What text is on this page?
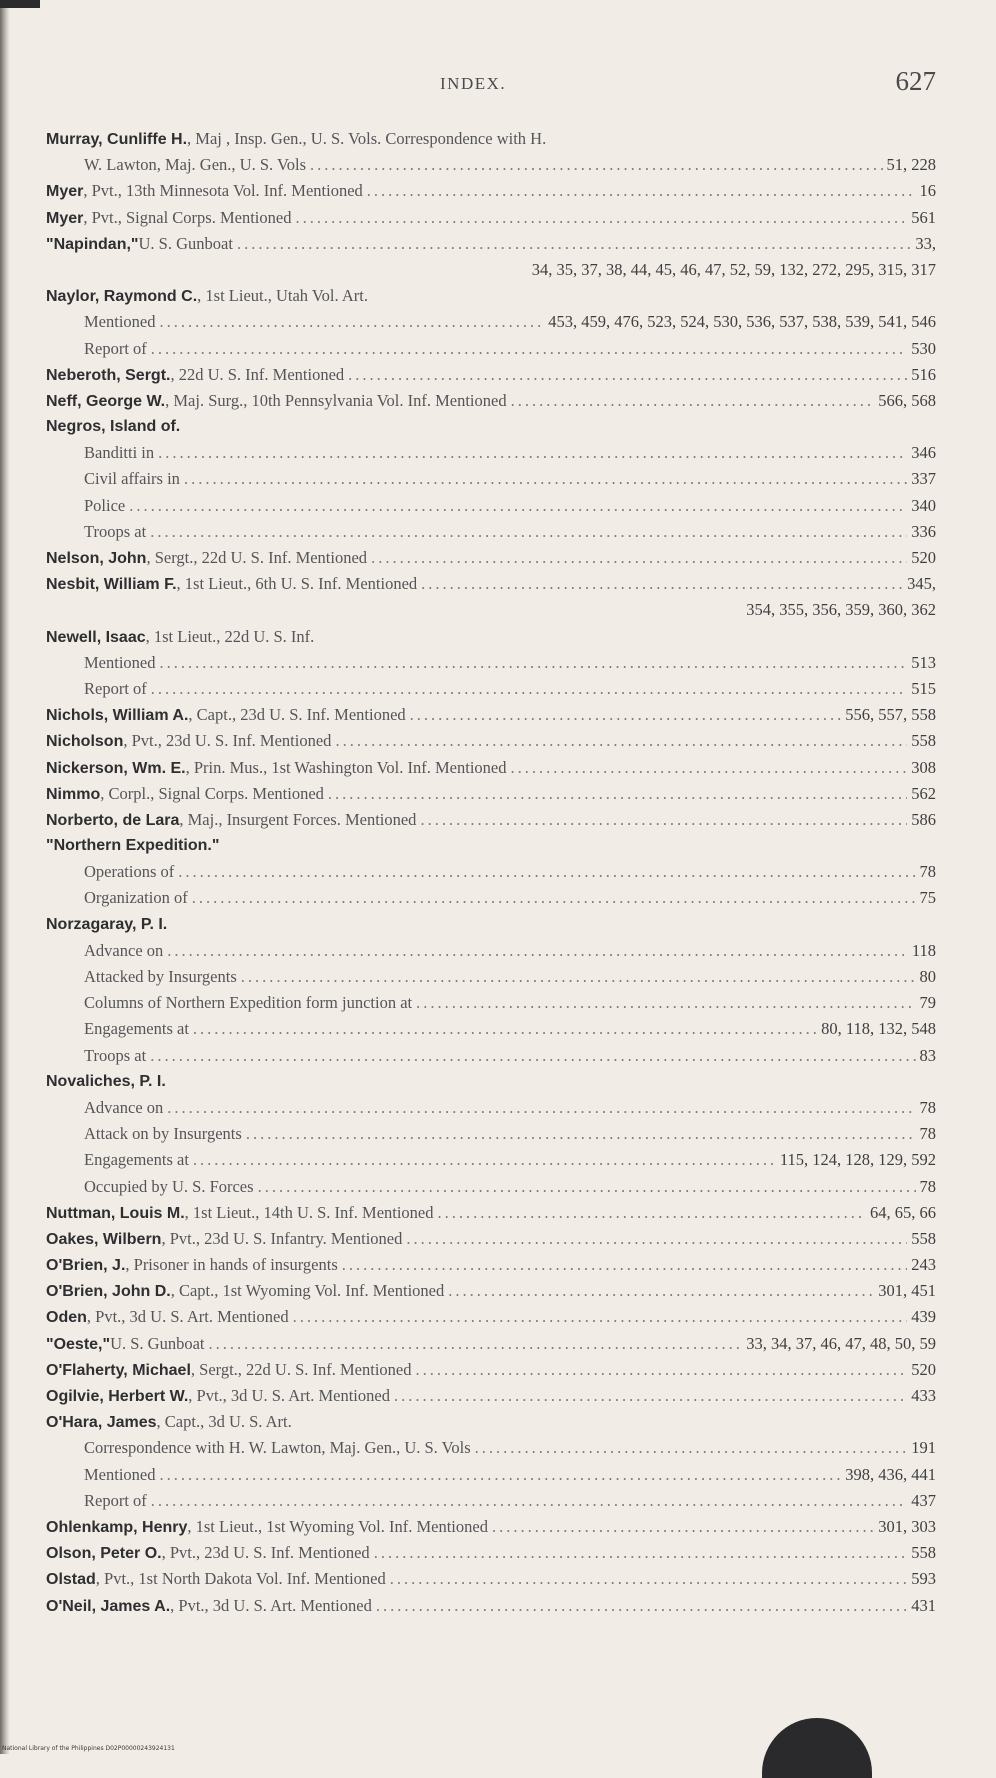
INDEX.	627
Murray, Cunliffe H. , Maj , Insp. Gen., U. S. Vols. Correspondence with H.
W. Lawton, Maj. Gen., U. S. Vols .....	51, 228
Myer , Pvt., 13th Minnesota Vol. Inf. Mentioned .....	16
Myer , Pvt., Signal Corps. Mentioned .....	561
"Napindan," U. S. Gunboat .....	33,
34, 35, 37, 38, 44, 45, 46, 47, 52, 59, 132, 272, 295, 315, 317
Naylor, Raymond C. , 1st Lieut., Utah Vol. Art.
Mentioned .....	453, 459, 476, 523, 524, 530, 536, 537, 538, 539, 541, 546
Report of .....	530
Neberoth, Sergt. , 22d U. S. Inf. Mentioned .....	516
Neff, George W. , Maj. Surg., 10th Pennsylvania Vol. Inf. Mentioned .....	566, 568
Negros, Island of.
Banditti in .....	346
Civil affairs in .....	337
Police .....	340
Troops at .....	336
Nelson, John , Sergt., 22d U. S. Inf. Mentioned .....	520
Nesbit, William F. , 1st Lieut., 6th U. S. Inf. Mentioned .....	345,
354, 355, 356, 359, 360, 362
Newell, Isaac , 1st Lieut., 22d U. S. Inf.
Mentioned .....	513
Report of .....	515
Nichols, William A. , Capt., 23d U. S. Inf. Mentioned .....	556, 557, 558
Nicholson , Pvt., 23d U. S. Inf. Mentioned .....	558
Nickerson, Wm. E. , Prin. Mus., 1st Washington Vol. Inf. Mentioned .....	308
Nimmo , Corpl., Signal Corps. Mentioned .....	562
Norberto, de Lara , Maj., Insurgent Forces. Mentioned .....	586
"Northern Expedition."
Operations of .....	78
Organization of .....	75
Norzagaray, P. I.
Advance on .....	118
Attacked by Insurgents .....	80
Columns of Northern Expedition form junction at .....	79
Engagements at .....	80, 118, 132, 548
Troops at .....	83
Novaliches, P. I.
Advance on .....	78
Attack on by Insurgents .....	78
Engagements at .....	115, 124, 128, 129, 592
Occupied by U. S. Forces .....	78
Nuttman, Louis M. , 1st Lieut., 14th U. S. Inf. Mentioned .....	64, 65, 66
Oakes, Wilbern , Pvt., 23d U. S. Infantry. Mentioned .....	558
O'Brien, J. , Prisoner in hands of insurgents .....	243
O'Brien, John D. , Capt., 1st Wyoming Vol. Inf. Mentioned .....	301, 451
Oden , Pvt., 3d U. S. Art. Mentioned .....	439
"Oeste," U. S. Gunboat .....	33, 34, 37, 46, 47, 48, 50, 59
O'Flaherty, Michael , Sergt., 22d U. S. Inf. Mentioned .....	520
Ogilvie, Herbert W. , Pvt., 3d U. S. Art. Mentioned .....	433
O'Hara, James , Capt., 3d U. S. Art.
Correspondence with H. W. Lawton, Maj. Gen., U. S. Vols .....	191
Mentioned .....	398, 436, 441
Report of .....	437
Ohlenkamp, Henry , 1st Lieut., 1st Wyoming Vol. Inf. Mentioned .....	301, 303
Olson, Peter O. , Pvt., 23d U. S. Inf. Mentioned .....	558
Olstad , Pvt., 1st North Dakota Vol. Inf. Mentioned .....	593
O'Neil, James A. , Pvt., 3d U. S. Art. Mentioned .....	431
National Library of the Philippines D02P00000243924131
